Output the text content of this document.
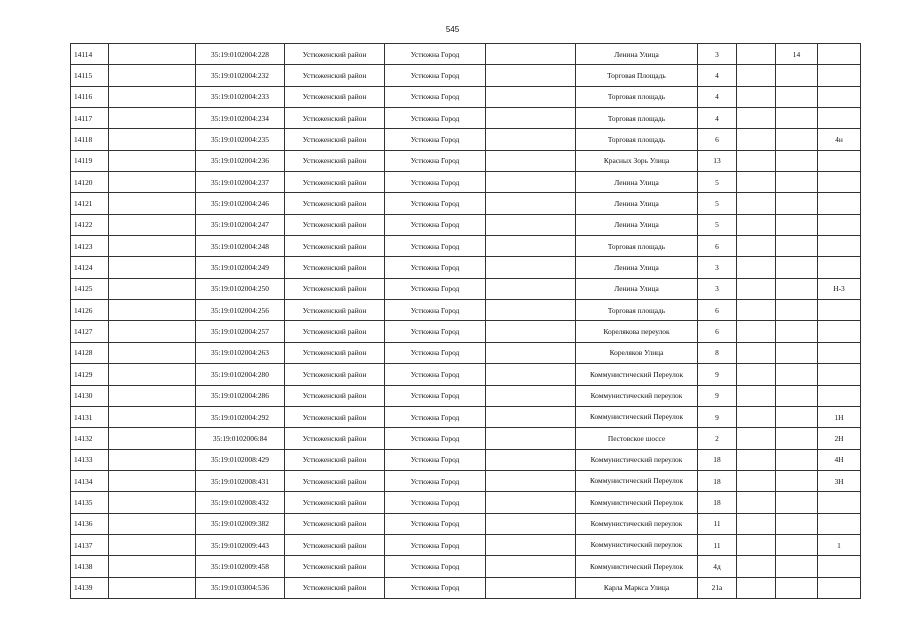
545
14114		35:19:0102004:228	Устюженский район	Устюжна Город		Ленина Улица	3		14	
14115		35:19:0102004:232	Устюженский район	Устюжна Город		Торговая Площадь	4			
14116		35:19:0102004:233	Устюженский район	Устюжна Город		Торговая площадь	4			
14117		35:19:0102004:234	Устюженский район	Устюжна Город		Торговая площадь	4			
14118		35:19:0102004:235	Устюженский район	Устюжна Город		Торговая площадь	6			4н
14119		35:19:0102004:236	Устюженский район	Устюжна Город		Красных Зорь Улица	13			
14120		35:19:0102004:237	Устюженский район	Устюжна Город		Ленина Улица	5			
14121		35:19:0102004:246	Устюженский район	Устюжна Город		Ленина Улица	5			
14122		35:19:0102004:247	Устюженский район	Устюжна Город		Ленина Улица	5			
14123		35:19:0102004:248	Устюженский район	Устюжна Город		Торговая площадь	6			
14124		35:19:0102004:249	Устюженский район	Устюжна Город		Ленина Улица	3			
14125		35:19:0102004:250	Устюженский район	Устюжна Город		Ленина Улица	3			Н-3
14126		35:19:0102004:256	Устюженский район	Устюжна Город		Торговая площадь	6			
14127		35:19:0102004:257	Устюженский район	Устюжна Город		Корелякова переулок	6			
14128		35:19:0102004:263	Устюженский район	Устюжна Город		Кореляков Улица	8			
14129		35:19:0102004:280	Устюженский район	Устюжна Город		Коммунистический Переулок	9			
14130		35:19:0102004:286	Устюженский район	Устюжна Город		Коммунистический переулок	9			
14131		35:19:0102004:292	Устюженский район	Устюжна Город		Коммунистический Переулок	9			1Н
14132		35:19:0102006:84	Устюженский район	Устюжна Город		Пестовское шоссе	2			2Н
14133		35:19:0102008:429	Устюженский район	Устюжна Город		Коммунистический переулок	18			4Н
14134		35:19:0102008:431	Устюженский район	Устюжна Город		Коммунистический Переулок	18			3Н
14135		35:19:0102008:432	Устюженский район	Устюжна Город		Коммунистический Переулок	18			
14136		35:19:0102009:382	Устюженский район	Устюжна Город		Коммунистический переулок	11			
14137		35:19:0102009:443	Устюженский район	Устюжна Город		Коммунистический переулок	11			1
14138		35:19:0102009:458	Устюженский район	Устюжна Город		Коммунистический Переулок	4д			
14139		35:19:0103004:536	Устюженский район	Устюжна Город		Карла Маркса Улица	21а			
